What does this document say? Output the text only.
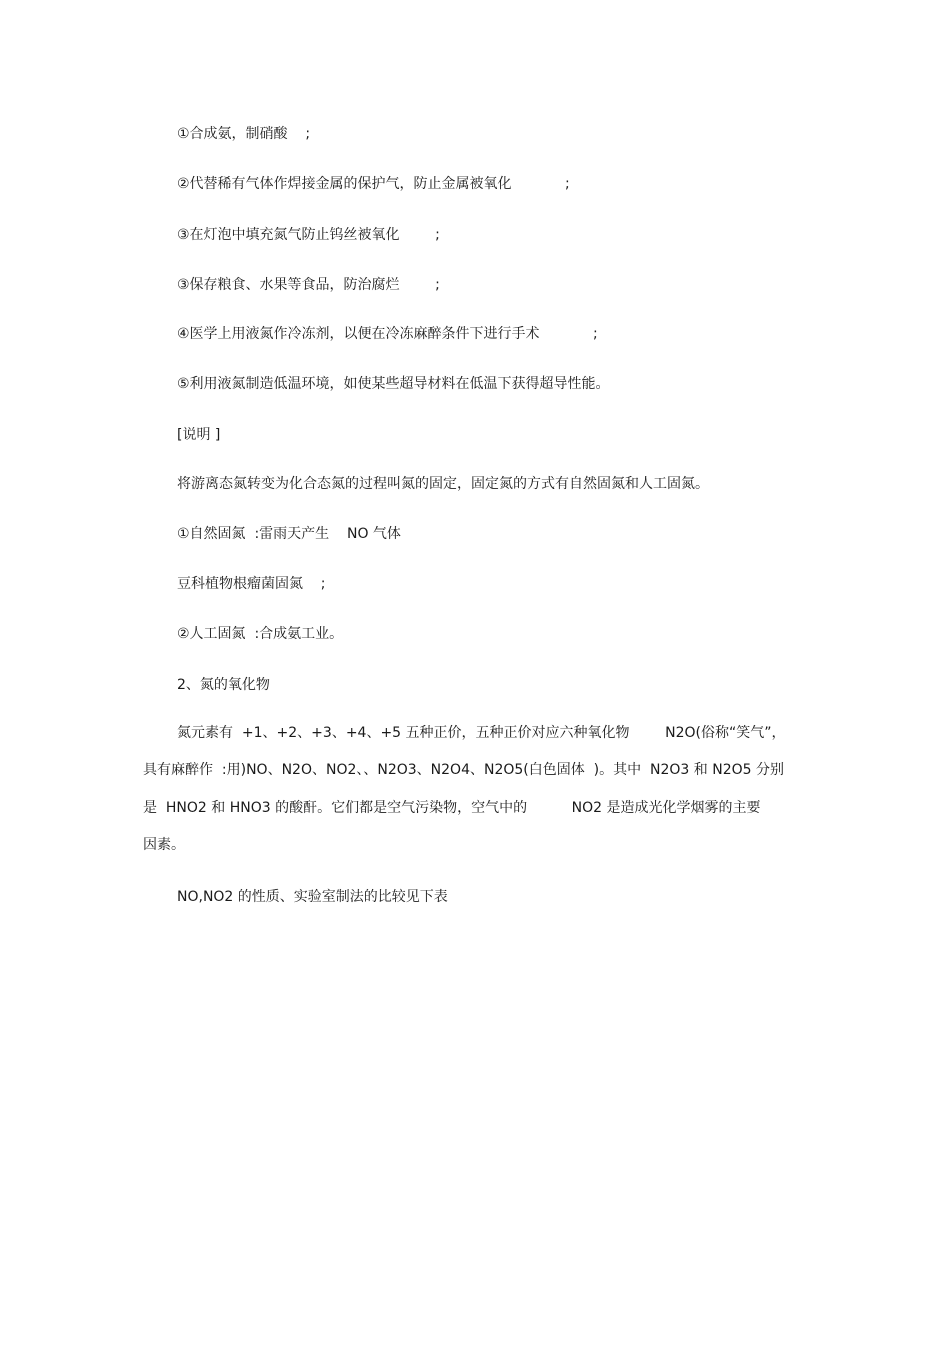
①合成氨，制硝酸    ;
②代替稀有气体作焊接金属的保护气，防止金属被氧化            ;
③在灯泡中填充氮气防止钨丝被氧化        ;
③保存粮食、水果等食品，防治腐烂        ;
④医学上用液氮作冷冻剂，以便在冷冻麻醉条件下进行手术            ;
⑤利用液氮制造低温环境，如使某些超导材料在低温下获得超导性能。
[说明 ]
将游离态氮转变为化合态氮的过程叫氮的固定，固定氮的方式有自然固氮和人工固氮。
①自然固氮  :雷雨天产生    NO 气体
豆科植物根瘤菌固氮    ;
②人工固氮  :合成氨工业。
2、氮的氧化物
氮元素有  +1、+2、+3、+4、+5 五种正价，五种正价对应六种氧化物        N2O(俗称“笑气”，
具有麻醉作  :用)NO、N2O、NO2、、N2O3、N2O4、N2O5(白色固体  )。其中  N2O3 和 N2O5 分别
是  HNO2 和 HNO3 的酸酐。它们都是空气污染物，空气中的          NO2 是造成光化学烟雾的主要
因素。
NO,NO2 的性质、实验室制法的比较见下表
